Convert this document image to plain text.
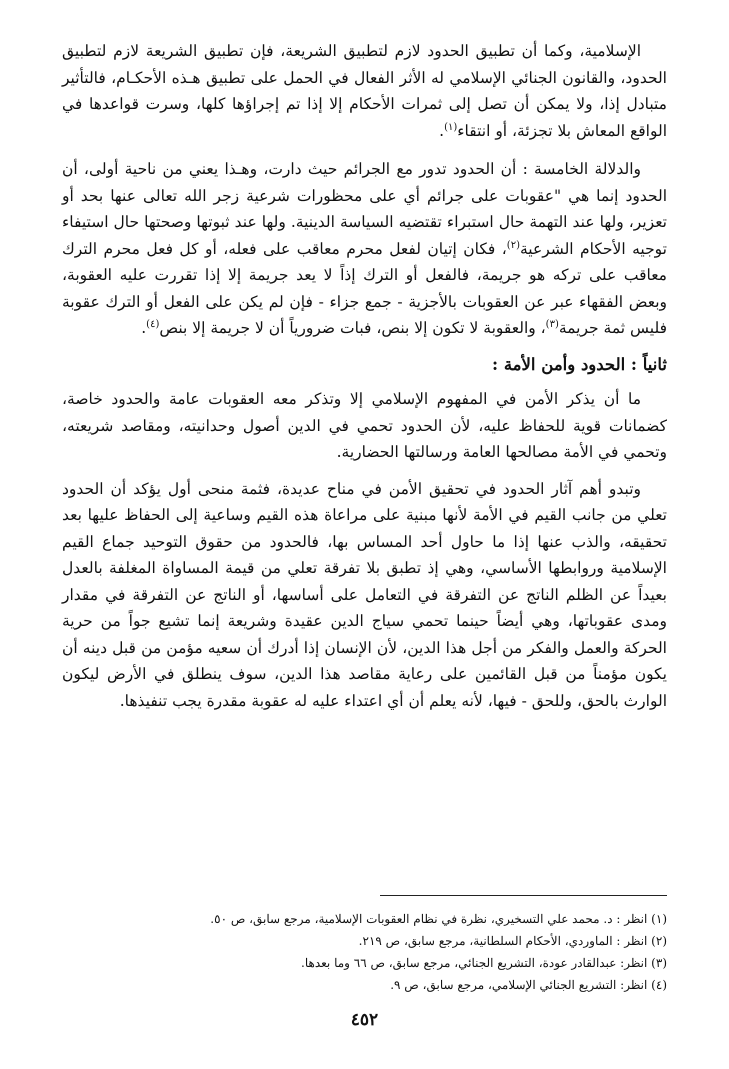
الإسلامية، وكما أن تطبيق الحدود لازم لتطبيق الشريعة، فإن تطبيق الشريعة لازم لتطبيق الحدود، والقانون الجنائي الإسلامي له الأثر الفعال في الحمل على تطبيق هـذه الأحكـام، فالتأثير متبادل إذا، ولا يمكن أن تصل إلى ثمرات الأحكام إلا إذا تم إجراؤها كلها، وسرت قواعدها في الواقع المعاش بلا تجزئة، أو انتقاء$^{(١)}$.

والدلالة الخامسة : أن الحدود تدور مع الجرائم حيث دارت، وهـذا يعني من ناحية أولى، أن الحدود إنما هي "عقوبات على جرائم أي على محظورات شرعية زجر الله تعالى عنها بحد أو تعزير، ولها عند التهمة حال استبراء تقتضيه السياسة الدينية. ولها عند ثبوتها وصحتها حال استيفاء توجيه الأحكام الشرعية$^{(٢)}$، فكان إتيان لفعل محرم معاقب على فعله، أو كل فعل محرم الترك معاقب على تركه هو جريمة، فالفعل أو الترك إذاً لا يعد جريمة إلا إذا تقررت عليه العقوبة، وبعض الفقهاء عبر عن العقوبات بالأجزية - جمع جزاء - فإن لم يكن على الفعل أو الترك عقوبة فليس ثمة جريمة$^{(٣)}$، والعقوبة لا تكون إلا بنص، فبات ضرورياً أن لا جريمة إلا بنص$^{(٤)}$.

ثانياً : الحدود وأمن الأمة :

ما أن يذكر الأمن في المفهوم الإسلامي إلا وتذكر معه العقوبات عامة والحدود خاصة، كضمانات قوية للحفاظ عليه، لأن الحدود تحمي في الدين أصول وحدانيته، ومقاصد شريعته، وتحمي في الأمة مصالحها العامة ورسالتها الحضارية.

وتبدو أهم آثار الحدود في تحقيق الأمن في مناح عديدة، فثمة منحى أول يؤكد أن الحدود تعلي من جانب القيم في الأمة لأنها مبنية على مراعاة هذه القيم وساعية إلى الحفاظ عليها بعد تحقيقه، والذب عنها إذا ما حاول أحد المساس بها، فالحدود من حقوق التوحيد جماع القيم الإسلامية وروابطها الأساسي، وهي إذ تطبق بلا تفرقة تعلي من قيمة المساواة المغلفة بالعدل بعيداً عن الظلم الناتج عن التفرقة في التعامل على أساسها، أو الناتج عن التفرقة في مقدار ومدى عقوباتها، وهي أيضاً حينما تحمي سياج الدين عقيدة وشريعة إنما تشيع جواً من حرية الحركة والعمل والفكر من أجل هذا الدين، لأن الإنسان إذا أدرك أن سعيه مؤمن من قبل دينه أن يكون مؤمناً من قبل القائمين على رعاية مقاصد هذا الدين، سوف ينطلق في الأرض ليكون الوارث بالحق، وللحق - فيها، لأنه يعلم أن أي اعتداء عليه له عقوبة مقدرة يجب تنفيذها.

(١) انظر : د. محمد علي التسخيري، نظرة في نظام العقوبات الإسلامية، مرجع سابق، ص ٥٠.

(٢) انظر : الماوردي، الأحكام السلطانية، مرجع سابق، ص ٢١٩.

(٣) انظر: عبدالقادر عودة، التشريع الجنائي، مرجع سابق، ص ٦٦ وما بعدها.

(٤) انظر: التشريع الجنائي الإسلامي، مرجع سابق، ص ٩.

٤٥٢
